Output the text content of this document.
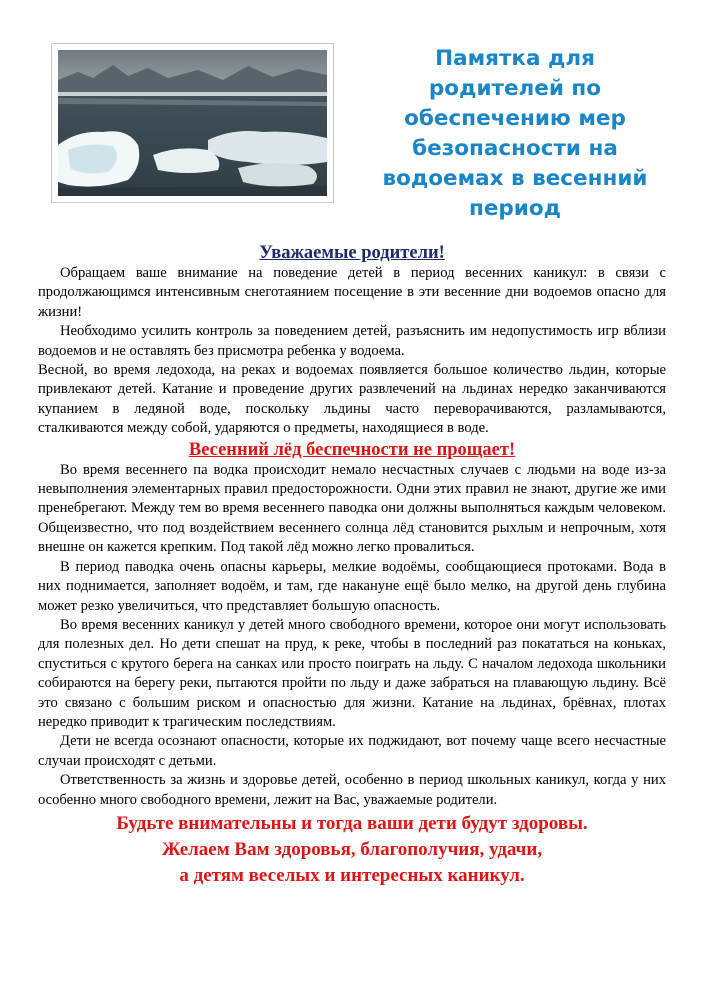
Памятка для родителей по обеспечению мер безопасности на водоемах в весенний период

Уважаемые родители!

Обращаем ваше внимание на поведение детей в период весенних каникул: в связи с продолжающимся интенсивным снеготаянием посещение в эти весенние дни водоемов опасно для жизни!

Необходимо усилить контроль за поведением детей, разъяснить им недопустимость игр вблизи водоемов и не оставлять без присмотра ребенка у водоема.

Весной, во время ледохода, на реках и водоемах появляется большое количество льдин, которые привлекают детей. Катание и проведение других развлечений на льдинах нередко заканчиваются купанием в ледяной воде, поскольку льдины часто переворачиваются, разламываются, сталкиваются между собой, ударяются о предметы, находящиеся в воде.

Весенний лёд беспечности не прощает!

Во время весеннего па водка происходит немало несчастных случаев с людьми на воде из-за невыполнения элементарных правил предосторожности. Одни этих правил не знают, другие же ими пренебрегают. Между тем во время весеннего паводка они должны выполняться каждым человеком. Общеизвестно, что под воздействием весеннего солнца лёд становится рыхлым и непрочным, хотя внешне он кажется крепким. Под такой лёд можно легко провалиться.

В период паводка очень опасны карьеры, мелкие водоёмы, сообщающиеся протоками. Вода в них поднимается, заполняет водоём, и там, где накануне ещё было мелко, на другой день глубина может резко увеличиться, что представляет большую опасность.

Во время весенних каникул у детей много свободного времени, которое они могут использовать для полезных дел. Но дети спешат на пруд, к реке, чтобы в последний раз покататься на коньках, спуститься с крутого берега на санках или просто поиграть на льду. С началом ледохода школьники собираются на берегу реки, пытаются пройти по льду и даже забраться на плавающую льдину. Всё это связано с большим риском и опасностью для жизни. Катание на льдинах, брёвнах, плотах нередко приводит к трагическим последствиям.

Дети не всегда осознают опасности, которые их поджидают, вот почему чаще всего несчастные случаи происходят с детьми.

Ответственность за жизнь и здоровье детей, особенно в период школьных каникул, когда у них особенно много свободного времени, лежит на Вас, уважаемые родители.

Будьте внимательны и тогда ваши дети будут здоровы.

Желаем Вам здоровья, благополучия, удачи,

а детям веселых и интересных каникул.
